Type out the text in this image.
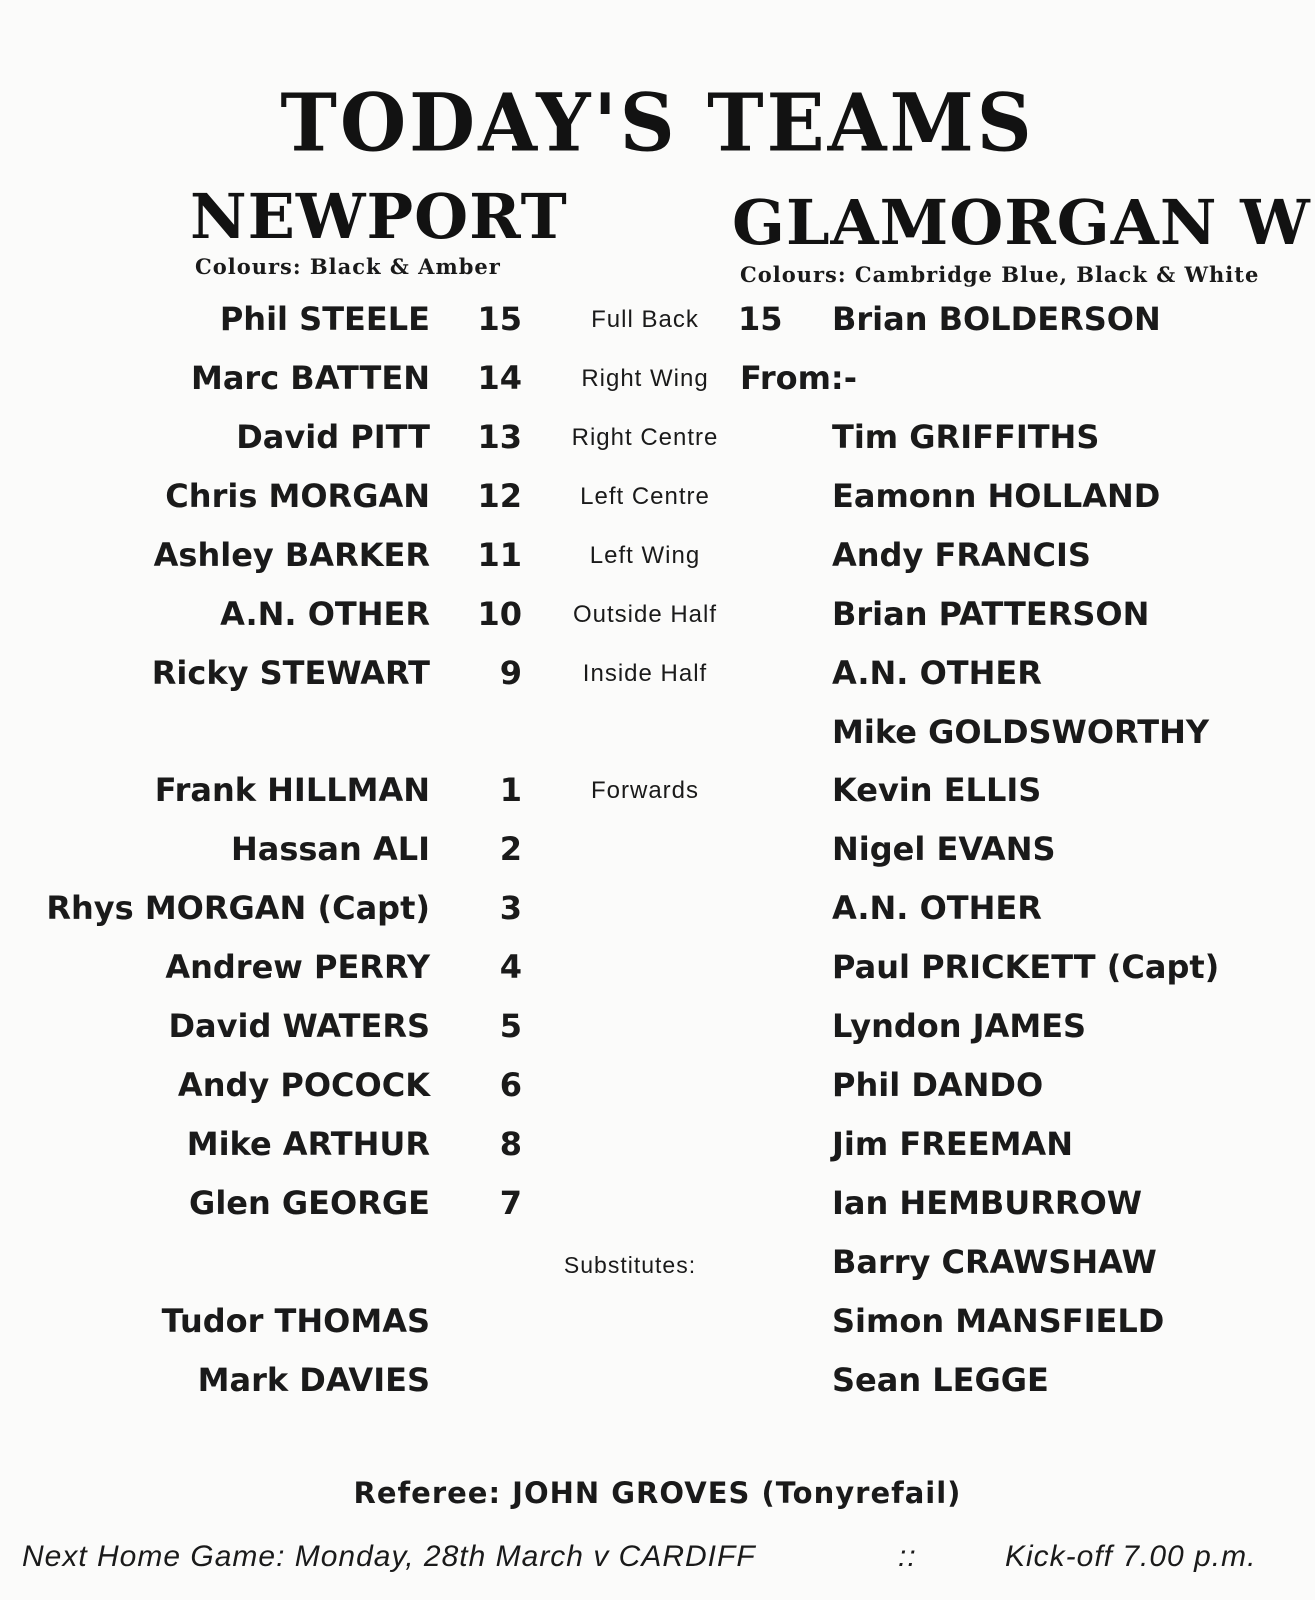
TODAY'S TEAMS
NEWPORT
Colours: Black & Amber
GLAMORGAN W
Colours: Cambridge Blue, Black & White
Phil STEELE 15	Full Back	15 Brian BOLDERSON
Marc BATTEN 14	Right Wing From:-
David PITT 13	Right Centre	Tim GRIFFITHS
Chris MORGAN 12	Left Centre	Eamonn HOLLAND
Ashley BARKER 11	Left Wing	Andy FRANCIS
A.N. OTHER 10	Outside Half	Brian PATTERSON
Ricky STEWART	9	Inside Half	A.N. OTHER
Mike GOLDSWORTHY
Frank HILLMAN	1	Forwards	Kevin ELLIS
Hassan ALI	2	Nigel EVANS
Rhys MORGAN (Capt)	3	A.N. OTHER
Andrew PERRY	4	Paul PRICKETT (Capt)
David WATERS	5	Lyndon JAMES
Andy POCOCK	6	Phil DANDO
Mike ARTHUR	8	Jim FREEMAN
Glen GEORGE	7	Ian HEMBURROW
Substitutes:	Barry CRAWSHAW
Tudor THOMAS	Simon MANSFIELD
Mark DAVIES	Sean LEGGE
Referee: JOHN GROVES (Tonyrefail)
Next Home Game: Monday, 28th March v CARDIFF	::	Kick-off 7.00 p.m.
